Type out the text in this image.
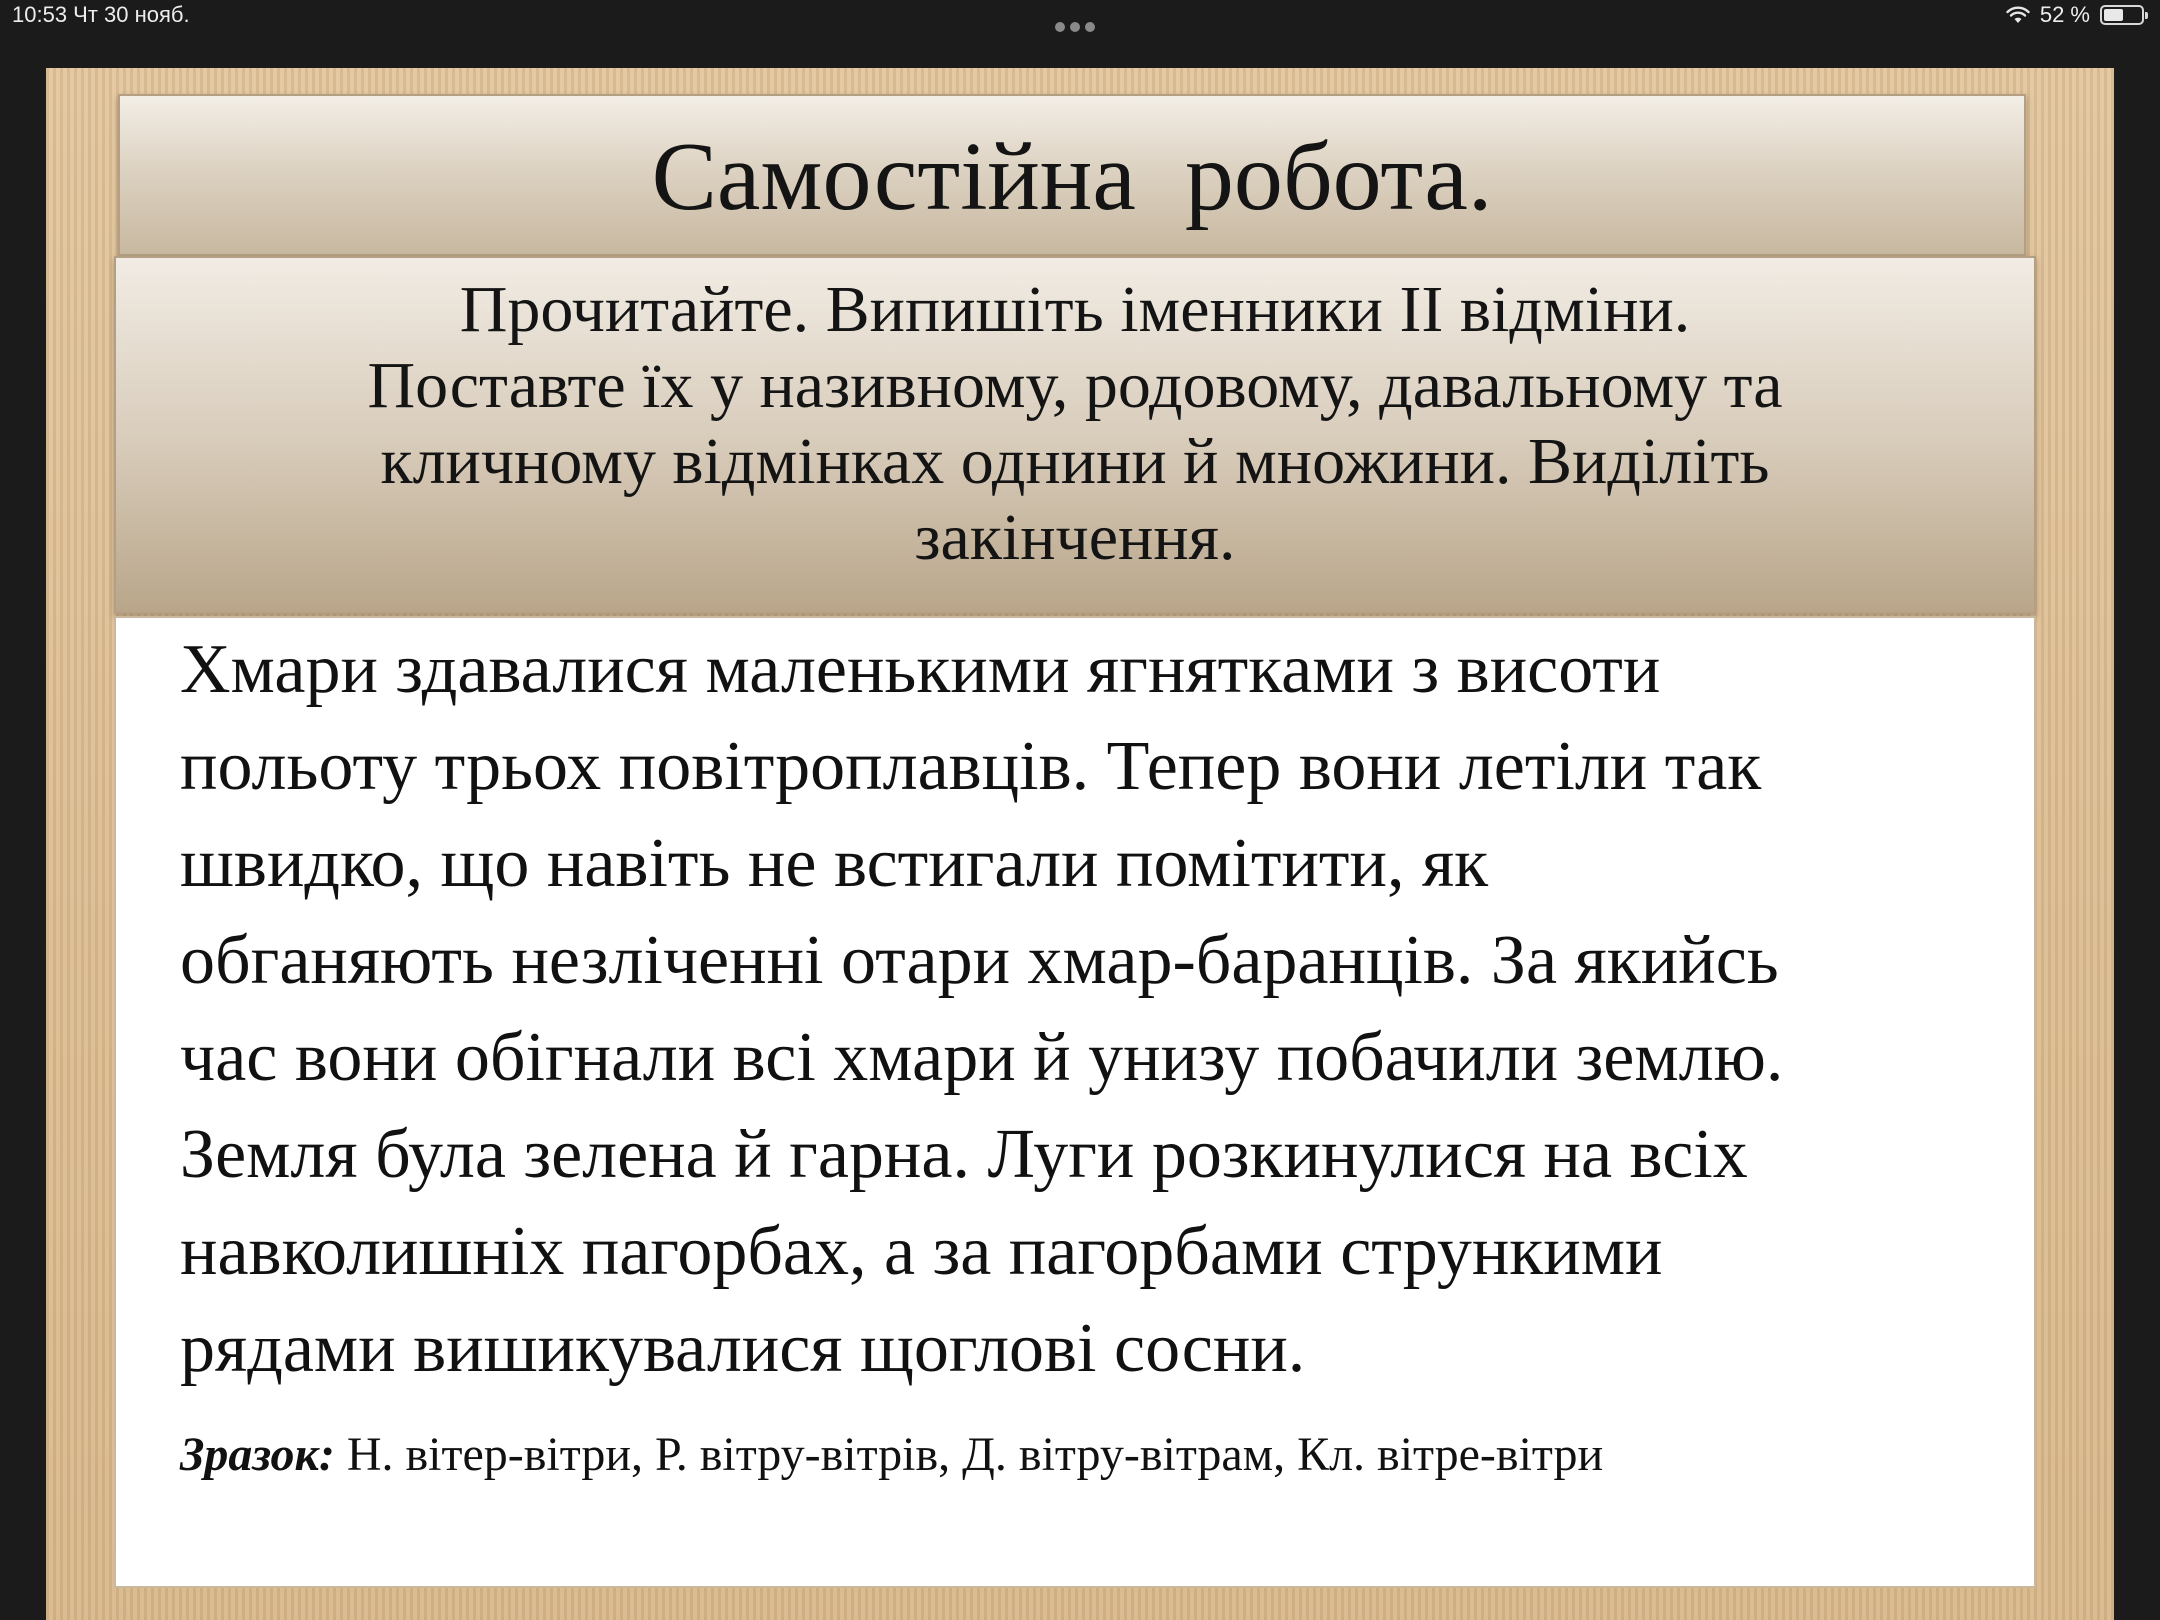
10:53 Чт 30 нояб.	52 %
Самостійна  робота.
Прочитайте. Випишіть іменники ІІ відміни.
Поставте їх у називному, родовому, давальному та
кличному відмінках однини й множини. Виділіть
закінчення.
Хмари здавалися маленькими ягнятками з висоти
польоту трьох повітроплавців. Тепер вони летіли так
швидко, що навіть не встигали помітити, як
обганяють незліченні отари хмар-баранців. За якийсь
час вони обігнали всі хмари й унизу побачили землю.
Земля була зелена й гарна. Луги розкинулися на всіх
навколишніх пагорбах, а за пагорбами стрункими
рядами вишикувалися щоглові сосни.
Зразок: Н. вітер-вітри, Р. вітру-вітрів, Д. вітру-вітрам, Кл. вітре-вітри
